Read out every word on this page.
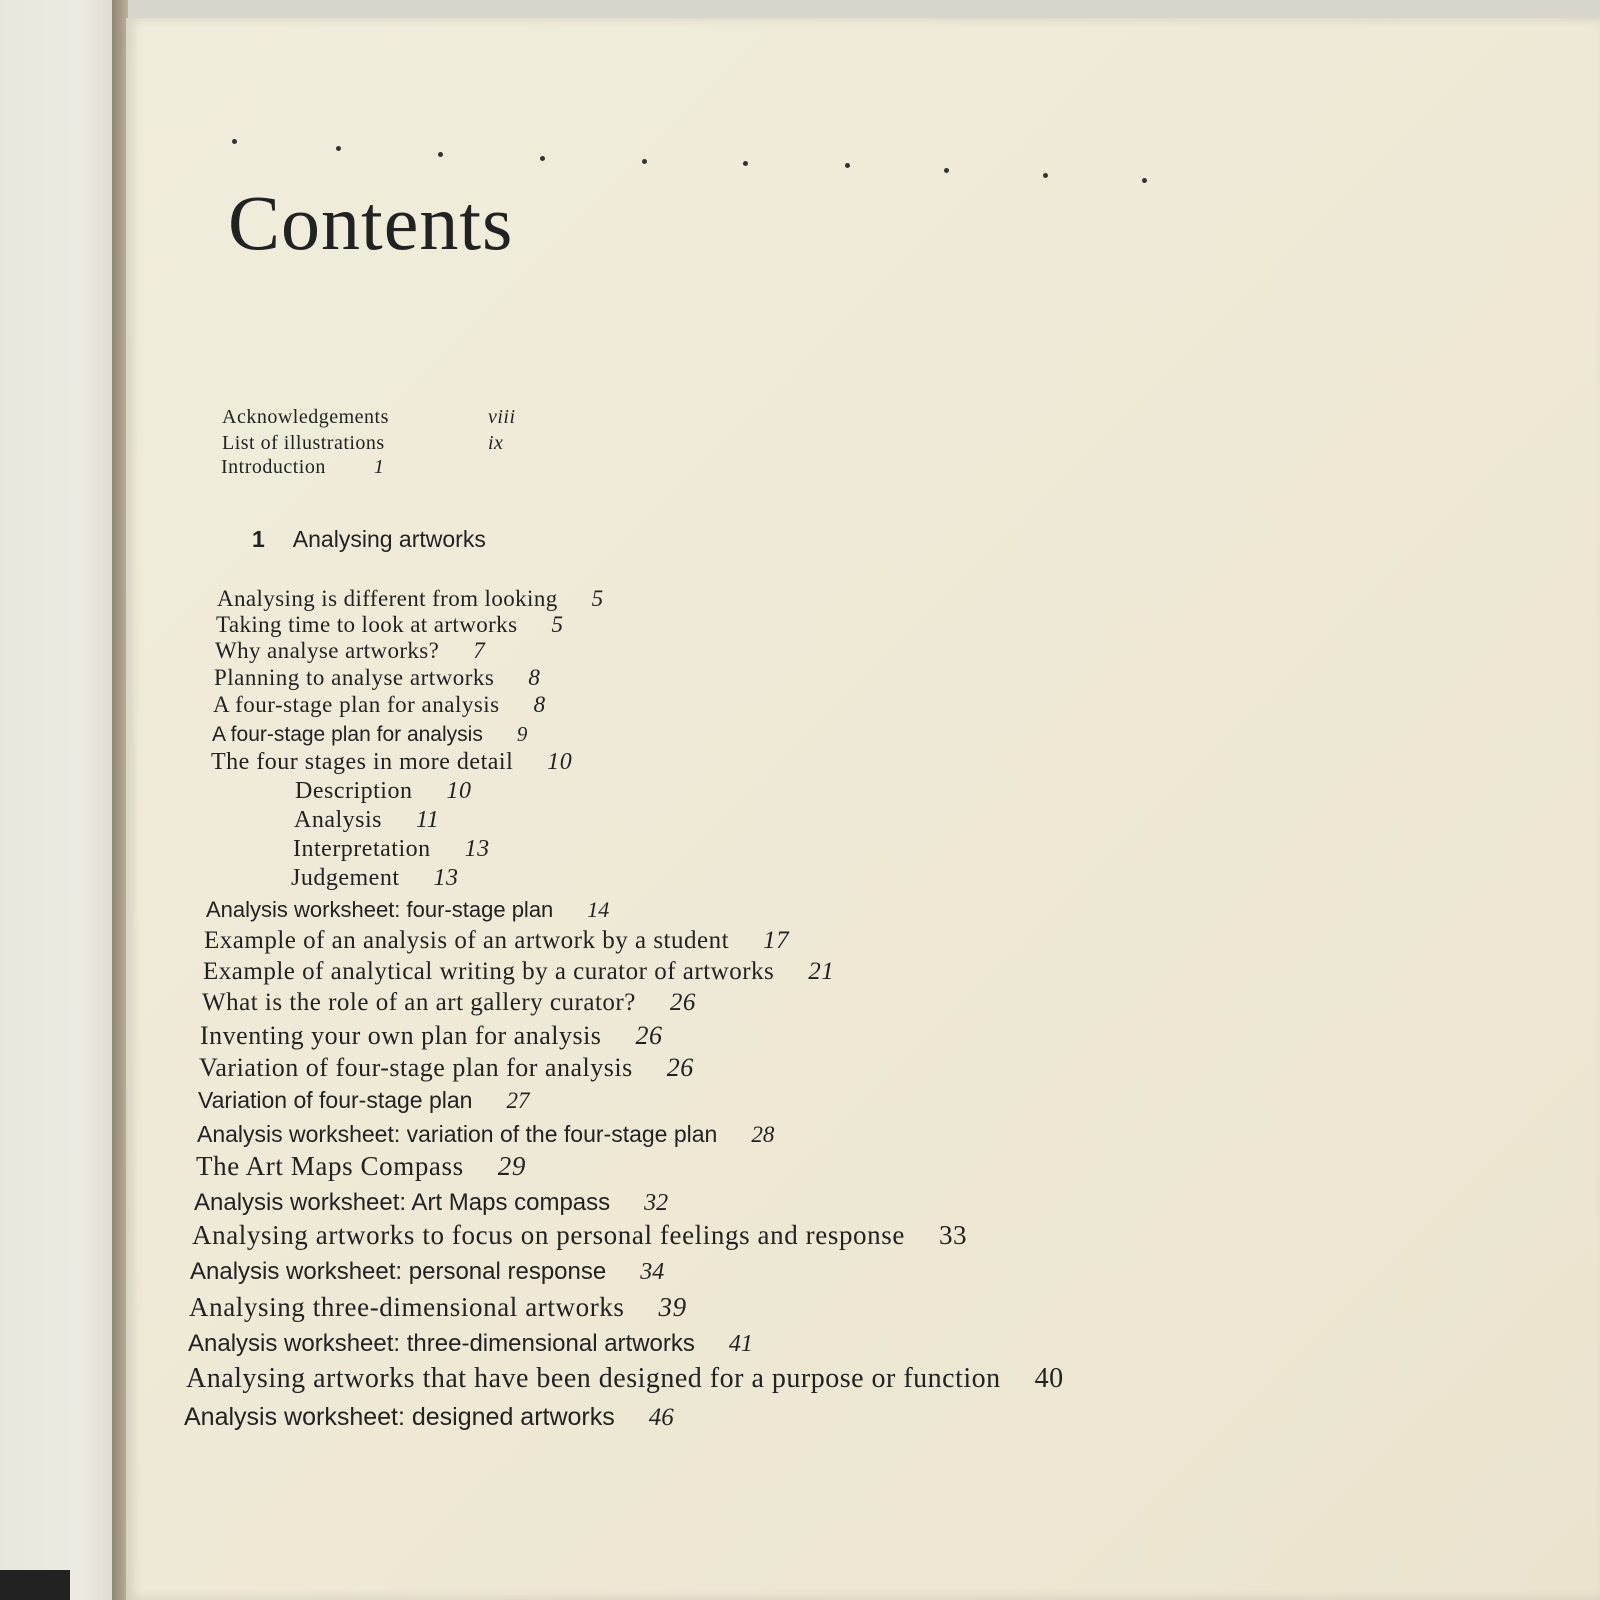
Contents
Acknowledgements	viii
List of illustrations	ix
Introduction 1
1 Analysing artworks
Analysing is different from looking 5
Taking time to look at artworks 5
Why analyse artworks? 7
Planning to analyse artworks 8
A four-stage plan for analysis 8
A four-stage plan for analysis 9
The four stages in more detail 10
Description 10
Analysis 11
Interpretation 13
Judgement 13
Analysis worksheet: four-stage plan 14
Example of an analysis of an artwork by a student 17
Example of analytical writing by a curator of artworks 21
What is the role of an art gallery curator? 26
Inventing your own plan for analysis 26
Variation of four-stage plan for analysis 26
Variation of four-stage plan 27
Analysis worksheet: variation of the four-stage plan 28
The Art Maps Compass 29
Analysis worksheet: Art Maps compass 32
Analysing artworks to focus on personal feelings and response 33
Analysis worksheet: personal response 34
Analysing three-dimensional artworks 39
Analysis worksheet: three-dimensional artworks 41
Analysing artworks that have been designed for a purpose or function 40
Analysis worksheet: designed artworks 46
